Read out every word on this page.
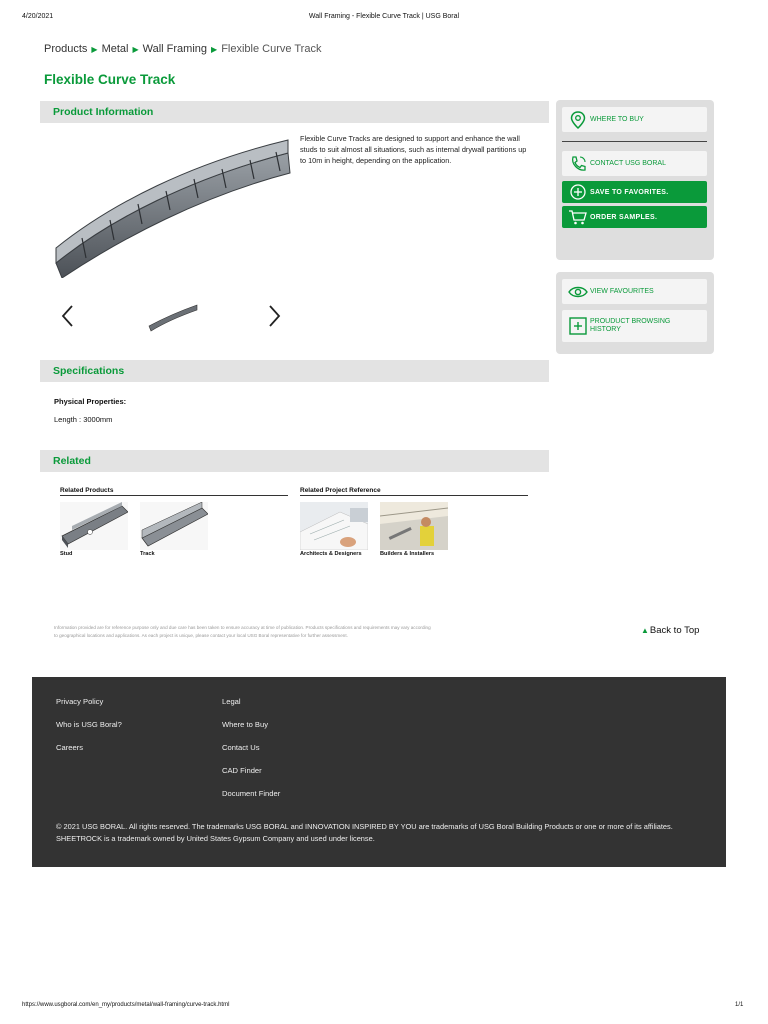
4/20/2021	Wall Framing - Flexible Curve Track | USG Boral
Products ▶ Metal ▶ Wall Framing ▶ Flexible Curve Track
Flexible Curve Track
Product Information
Flexible Curve Tracks are designed to support and enhance the wall studs to suit almost all situations, such as internal drywall partitions up to 10m in height, depending on the application.
WHERE TO BUY
CONTACT USG BORAL
SAVE TO FAVORITES.
ORDER SAMPLES.
VIEW FAVOURITES
PROUDUCT BROWSING
HISTORY
Specifications
Physical Properties:
Length : 3000mm
Related
Related Products	Related Project Reference
Stud	Track	Architects & Designers	Builders & Installers
Information provided are for reference purpose only and due care has been taken to ensure accuracy at time of publication. Products specifications and requirements may vary according
to geographical locations and applications. As each project is unique, please contact your local USG Boral representative for further assessment.
▲ Back to Top
Privacy Policy
Who is USG Boral?
Careers
Legal
Where to Buy
Contact Us
CAD Finder
Document Finder
© 2021 USG BORAL. All rights reserved. The trademarks USG BORAL and INNOVATION INSPIRED BY YOU are trademarks of USG Boral Building Products or one or more of its affiliates. SHEETROCK is a trademark owned by United States Gypsum Company and used under license.
https://www.usgboral.com/en_my/products/metal/wall-framing/curve-track.html	1/1
